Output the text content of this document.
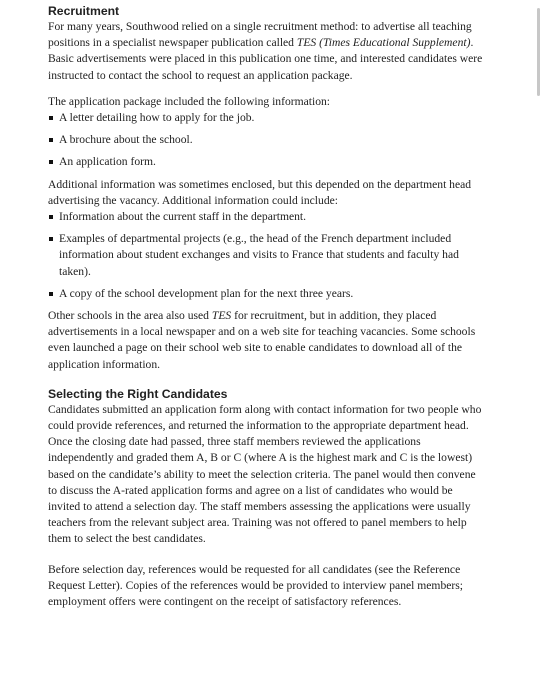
Recruitment

For many years, Southwood relied on a single recruitment method: to advertise all teaching positions in a specialist newspaper publication called TES (Times Educational Supplement). Basic advertisements were placed in this publication one time, and interested candidates were instructed to contact the school to request an application package.

The application package included the following information:

A letter detailing how to apply for the job.
A brochure about the school.
An application form.

Additional information was sometimes enclosed, but this depended on the department head advertising the vacancy. Additional information could include:

Information about the current staff in the department.
Examples of departmental projects (e.g., the head of the French department included information about student exchanges and visits to France that students and faculty had taken).
A copy of the school development plan for the next three years.

Other schools in the area also used TES for recruitment, but in addition, they placed advertisements in a local newspaper and on a web site for teaching vacancies. Some schools even launched a page on their school web site to enable candidates to download all of the application information.

Selecting the Right Candidates

Candidates submitted an application form along with contact information for two people who could provide references, and returned the information to the appropriate department head. Once the closing date had passed, three staff members reviewed the applications independently and graded them A, B or C (where A is the highest mark and C is the lowest) based on the candidate’s ability to meet the selection criteria. The panel would then convene to discuss the A-rated application forms and agree on a list of candidates who would be invited to attend a selection day. The staff members assessing the applications were usually teachers from the relevant subject area. Training was not offered to panel members to help them to select the best candidates.

Before selection day, references would be requested for all candidates (see the Reference Request Letter). Copies of the references would be provided to interview panel members; employment offers were contingent on the receipt of satisfactory references.
